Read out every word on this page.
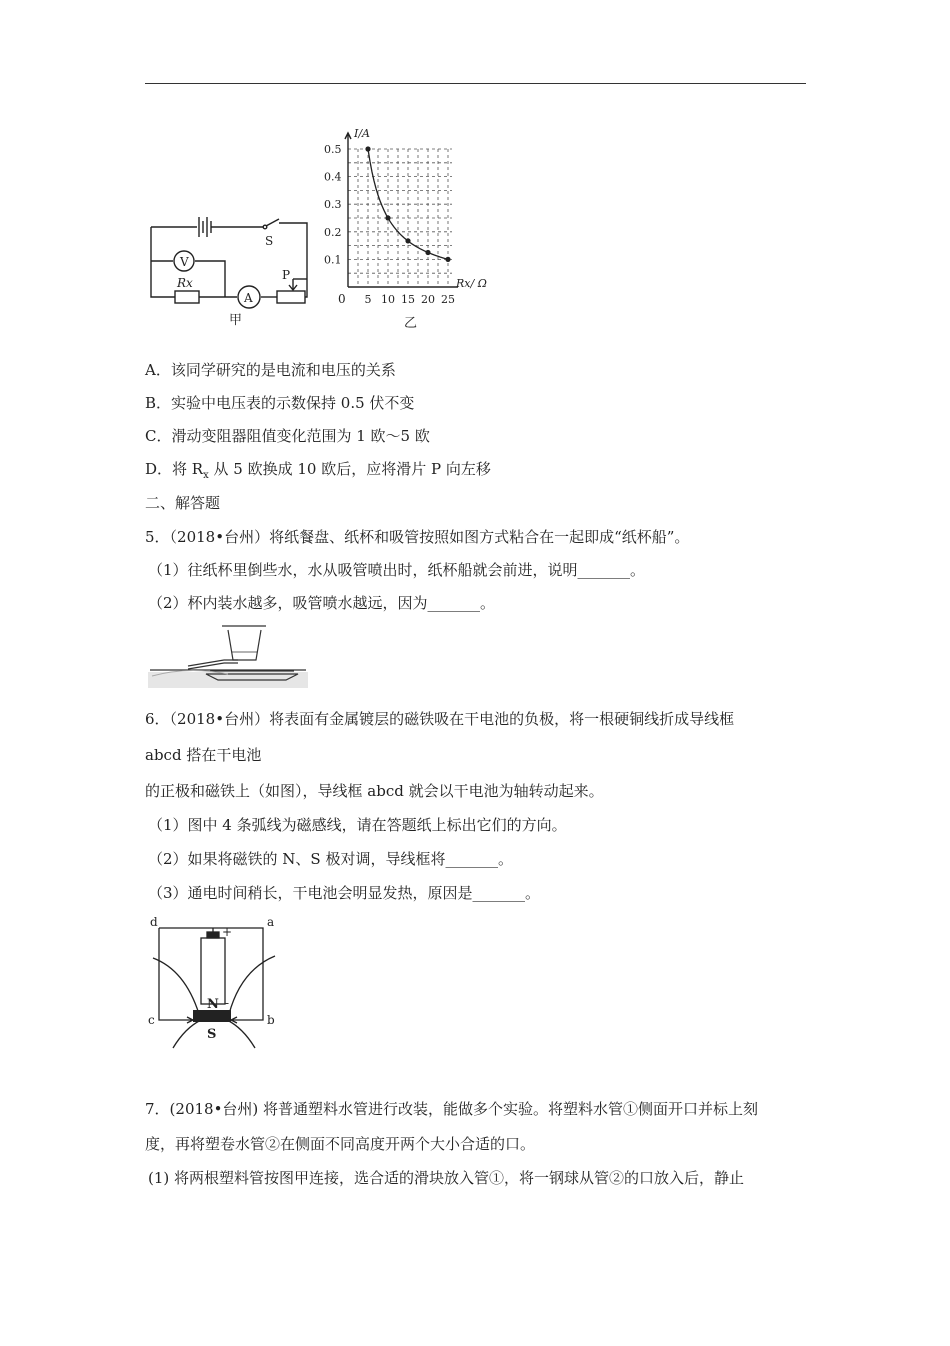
S
V
Rx
A
P
甲
0.1
0.2
0.3
0.4
0.5
5 10 15 20 25
I/A
Rx/ Ω
0
乙
A．该同学研究的是电流和电压的关系
B．实验中电压表的示数保持 0.5 伏不变
C．滑动变阻器阻值变化范围为 1 欧～5 欧
D．将 $R_x$ 从 5 欧换成 10 欧后，应将滑片 P 向左移
二、解答题
5．（2018•台州）将纸餐盘、纸杯和吸管按照如图方式粘合在一起即成“纸杯船”。
（1）往纸杯里倒些水，水从吸管喷出时，纸杯船就会前进，说明_______。
（2）杯内装水越多，吸管喷水越远，因为_______。
6．（2018•台州）将表面有金属镀层的磁铁吸在干电池的负极，将一根硬铜线折成导线框
abcd 搭在干电池
的正极和磁铁上（如图），导线框 abcd 就会以干电池为轴转动起来。
（1）图中 4 条弧线为磁感线，请在答题纸上标出它们的方向。
（2）如果将磁铁的 N、S 极对调，导线框将_______。
（3）通电时间稍长，干电池会明显发热，原因是_______。
d	a
c	b
+
-
N
S
7．(2018•台州) 将普通塑料水管进行改装，能做多个实验。将塑料水管①侧面开口并标上刻
度，再将塑卷水管②在侧面不同高度开两个大小合适的口。
(1) 将两根塑料管按图甲连接，选合适的滑块放入管①，将一钢球从管②的口放入后，静止
